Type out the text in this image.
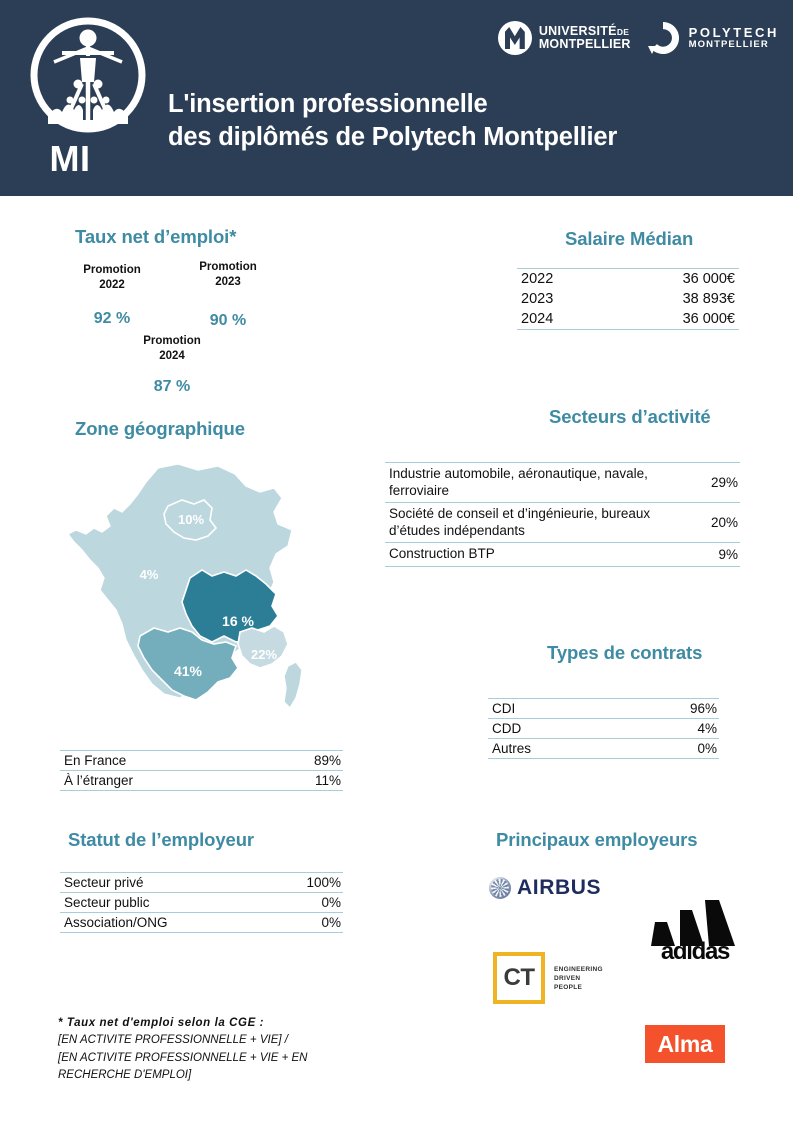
MI
L'insertion professionnelle
des diplômés de Polytech Montpellier
UNIVERSITÉDE
MONTPELLIER
POLYTECH
MONTPELLIER
Taux net d’emploi*
Promotion
2022
92 %
Promotion
2023
90 %
Promotion
2024
87 %
Salaire Médian
2022	36 000€
2023	38 893€
2024	36 000€
Zone géographique
10%
4%
16 %
41%
22%
En France	89%
À l’étranger	11%
Secteurs d’activité
Industrie automobile, aéronautique, navale, ferroviaire	29%
Société de conseil et d’ingénieurie, bureaux d’études indépendants	20%
Construction BTP	9%
Types de contrats
CDI	96%
CDD	4%
Autres	0%
Statut de l’employeur
Secteur privé	100%
Secteur public	0%
Association/ONG	0%
Principaux employeurs
AIRBUS
adidas
CT	ENGINEERING
DRIVEN
PEOPLE
Alma
* Taux net d'emploi selon la CGE :
[EN ACTIVITE PROFESSIONNELLE + VIE] /
[EN ACTIVITE PROFESSIONNELLE + VIE + EN
RECHERCHE D'EMPLOI]
